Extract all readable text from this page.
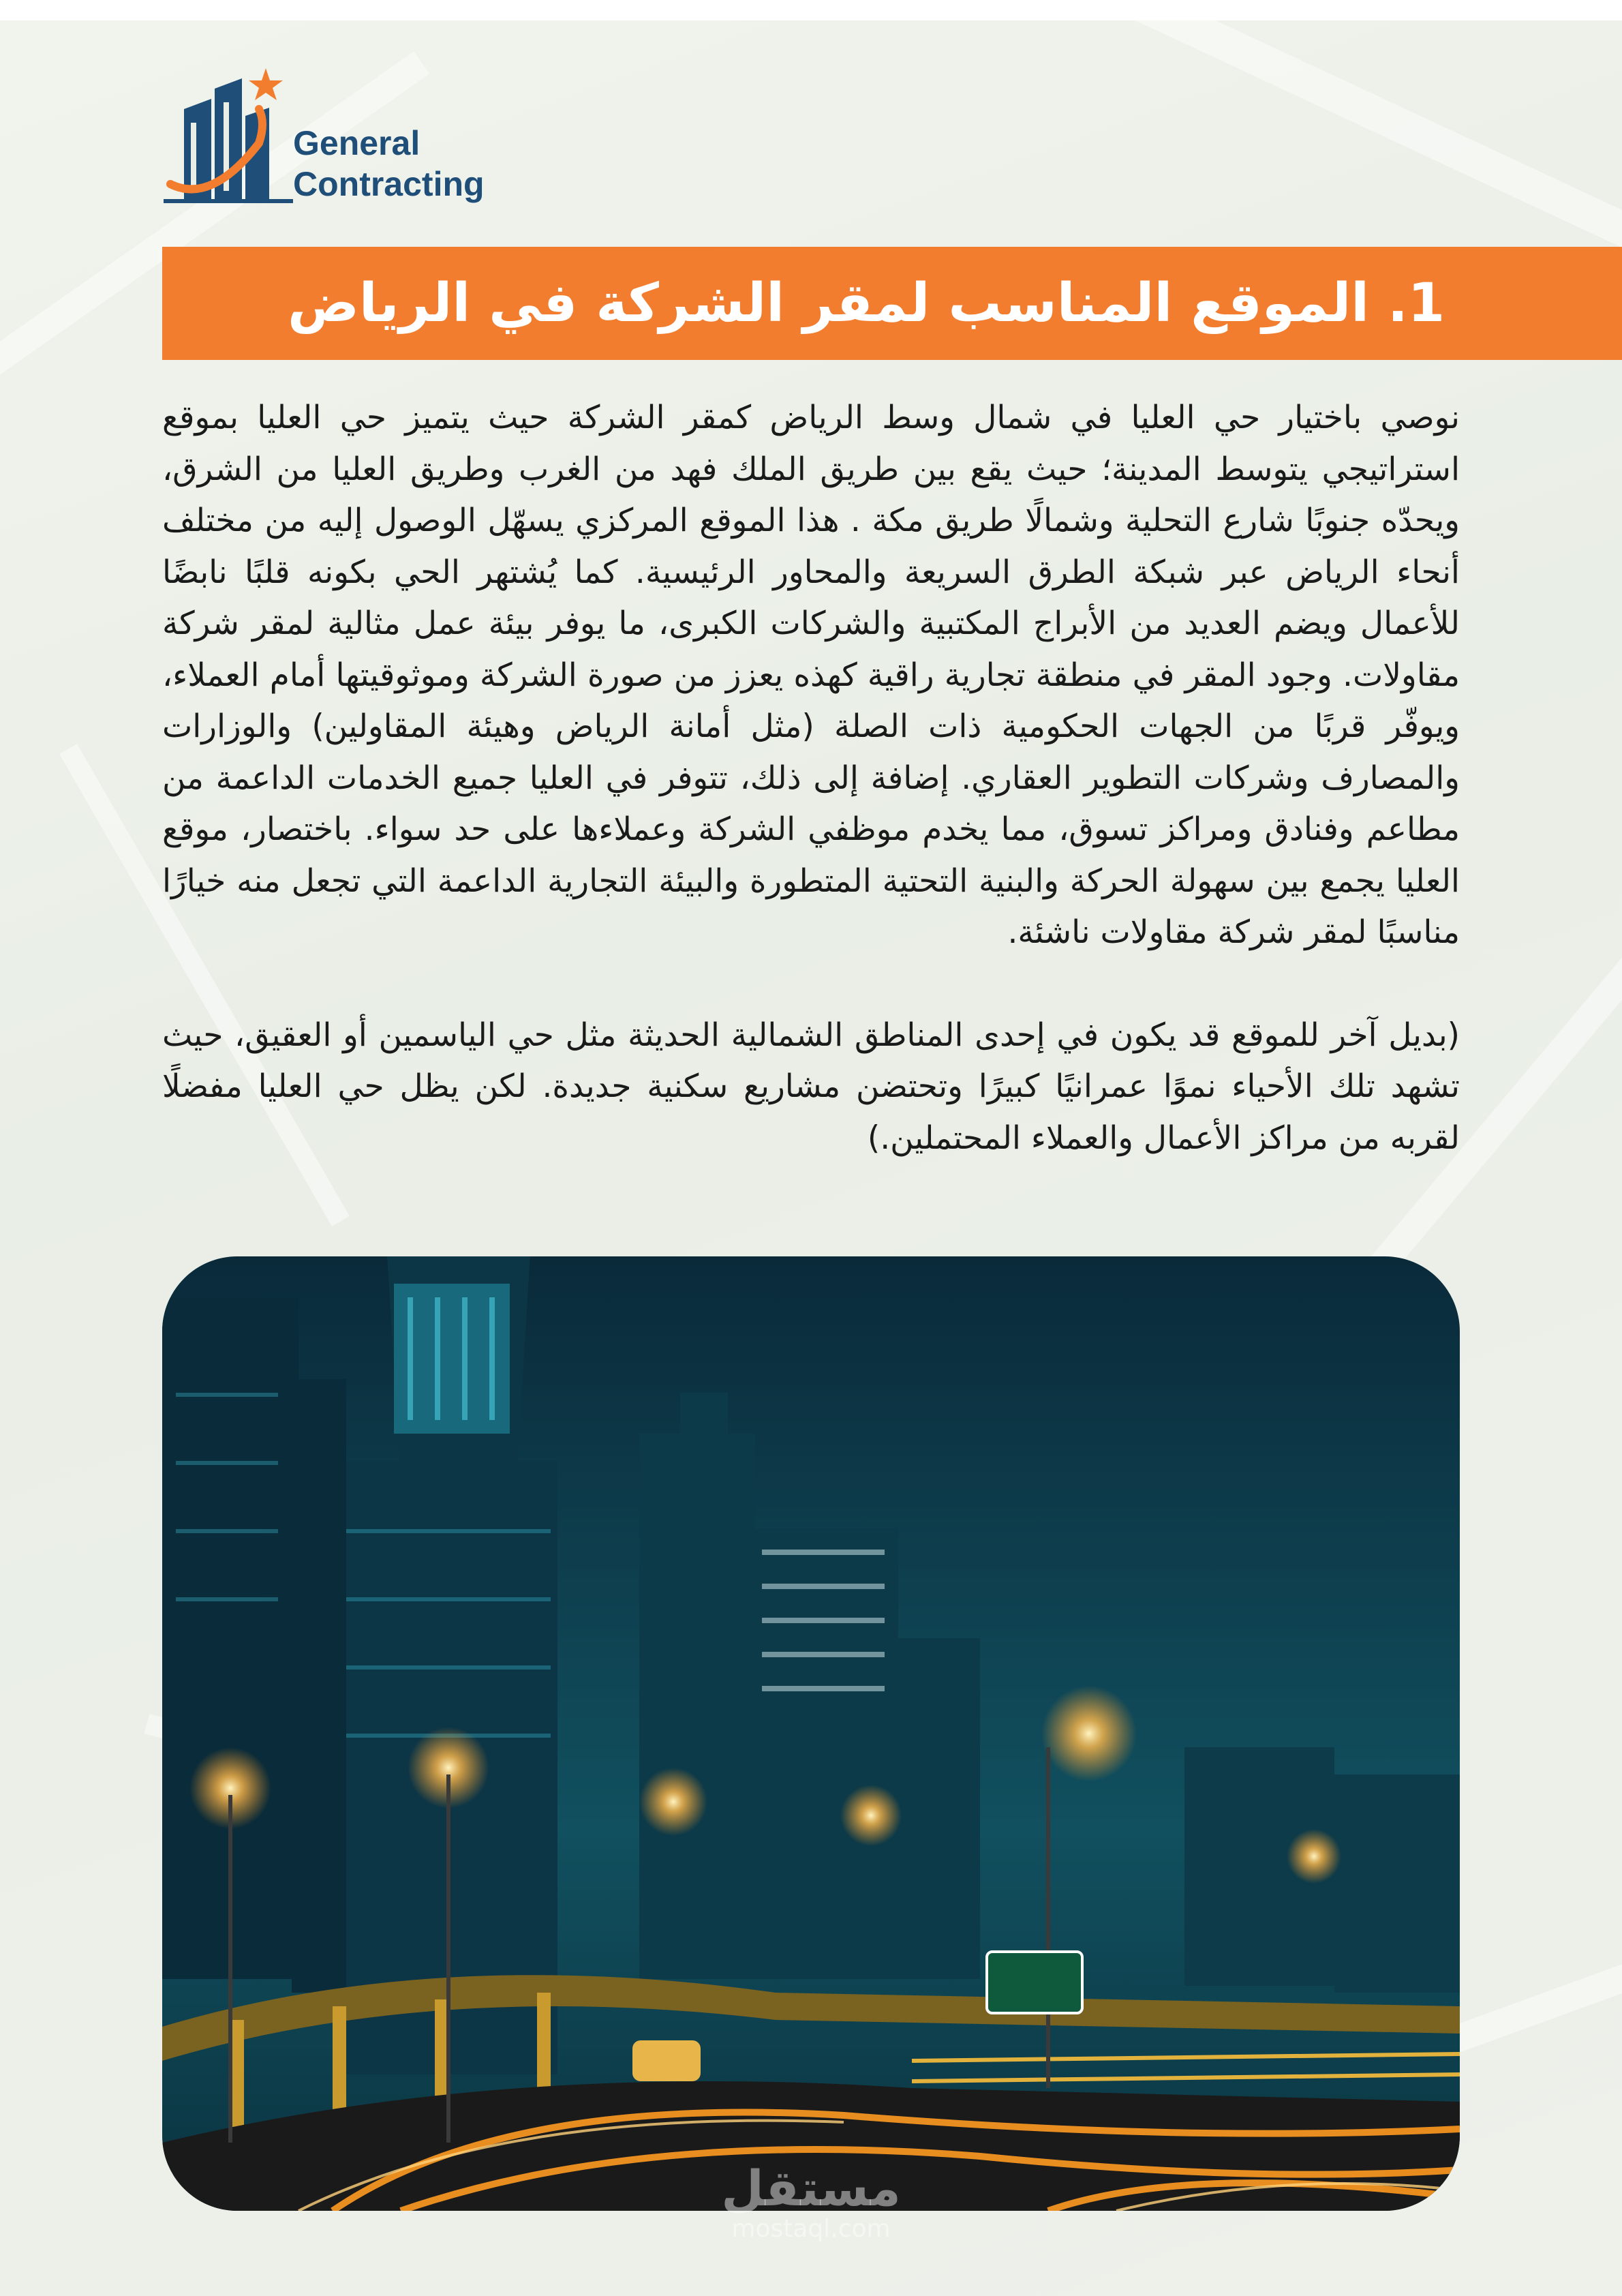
General
Contracting
1. الموقع المناسب لمقر الشركة في الرياض

نوصي باختيار حي العليا في شمال وسط الرياض كمقر الشركة حيث يتميز حي العليا بموقع استراتيجي يتوسط المدينة؛ حيث يقع بين طريق الملك فهد من الغرب وطريق العليا من الشرق، ويحدّه جنوبًا شارع التحلية وشمالًا طريق مكة . هذا الموقع المركزي يسهّل الوصول إليه من مختلف أنحاء الرياض عبر شبكة الطرق السريعة والمحاور الرئيسية. كما يُشتهر الحي بكونه قلبًا نابضًا للأعمال ويضم العديد من الأبراج المكتبية والشركات الكبرى، ما يوفر بيئة عمل مثالية لمقر شركة مقاولات. وجود المقر في منطقة تجارية راقية كهذه يعزز من صورة الشركة وموثوقيتها أمام العملاء، ويوفّر قربًا من الجهات الحكومية ذات الصلة (مثل أمانة الرياض وهيئة المقاولين) والوزارات والمصارف وشركات التطوير العقاري. إضافة إلى ذلك، تتوفر في العليا جميع الخدمات الداعمة من مطاعم وفنادق ومراكز تسوق، مما يخدم موظفي الشركة وعملاءها على حد سواء. باختصار، موقع العليا يجمع بين سهولة الحركة والبنية التحتية المتطورة والبيئة التجارية الداعمة التي تجعل منه خيارًا مناسبًا لمقر شركة مقاولات ناشئة.

(بديل آخر للموقع قد يكون في إحدى المناطق الشمالية الحديثة مثل حي الياسمين أو العقيق، حيث تشهد تلك الأحياء نموًا عمرانيًا كبيرًا وتحتضن مشاريع سكنية جديدة. لكن يظل حي العليا مفضلًا لقربه من مراكز الأعمال والعملاء المحتملين.)

مستقل
mostaql.com
